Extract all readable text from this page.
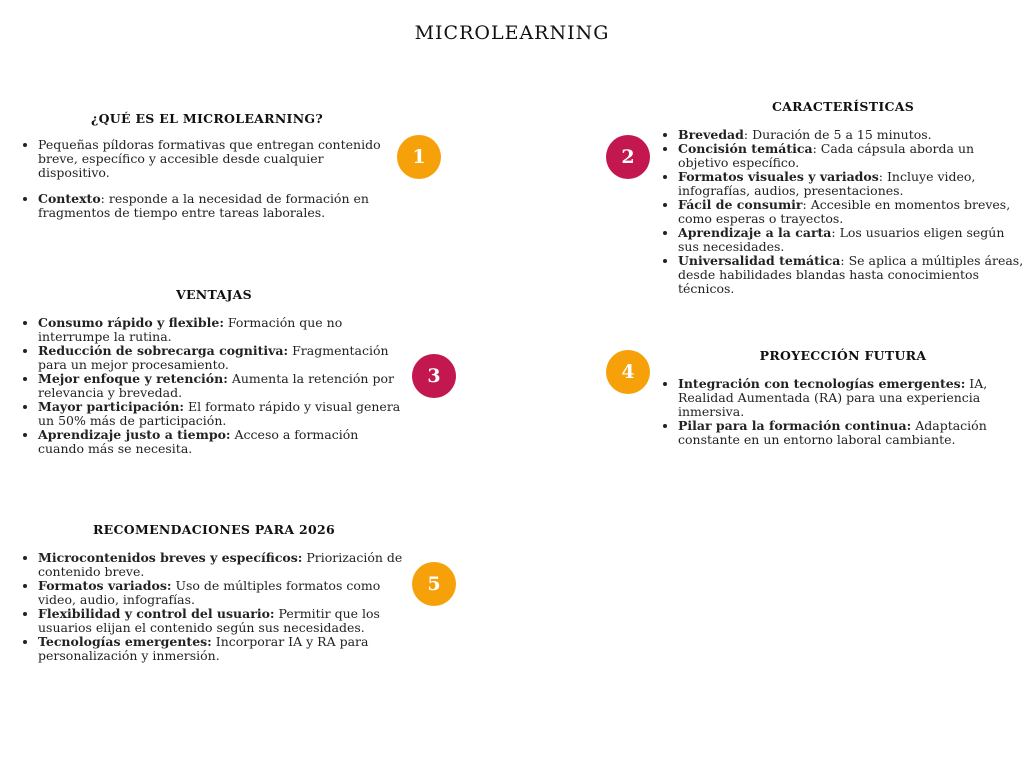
MICROLEARNING
¿QUÉ ES EL MICROLEARNING?
• Pequeñas píldoras formativas que entregan contenido breve, específico y accesible desde cualquier dispositivo.
• Contexto: responde a la necesidad de formación en fragmentos de tiempo entre tareas laborales.
CARACTERÍSTICAS
• Brevedad: Duración de 5 a 15 minutos.
• Concisión temática: Cada cápsula aborda un objetivo específico.
• Formatos visuales y variados: Incluye video, infografías, audios, presentaciones.
• Fácil de consumir: Accesible en momentos breves, como esperas o trayectos.
• Aprendizaje a la carta: Los usuarios eligen según sus necesidades.
• Universalidad temática: Se aplica a múltiples áreas, desde habilidades blandas hasta conocimientos técnicos.
VENTAJAS
• Consumo rápido y flexible: Formación que no interrumpe la rutina.
• Reducción de sobrecarga cognitiva: Fragmentación para un mejor procesamiento.
• Mejor enfoque y retención: Aumenta la retención por relevancia y brevedad.
• Mayor participación: El formato rápido y visual genera un 50% más de participación.
• Aprendizaje justo a tiempo: Acceso a formación cuando más se necesita.
PROYECCIÓN FUTURA
• Integración con tecnologías emergentes: IA, Realidad Aumentada (RA) para una experiencia inmersiva.
• Pilar para la formación continua: Adaptación constante en un entorno laboral cambiante.
RECOMENDACIONES PARA 2026
• Microcontenidos breves y específicos: Priorización de contenido breve.
• Formatos variados: Uso de múltiples formatos como video, audio, infografías.
• Flexibilidad y control del usuario: Permitir que los usuarios elijan el contenido según sus necesidades.
• Tecnologías emergentes: Incorporar IA y RA para personalización y inmersión.
1	2
3	4
5
